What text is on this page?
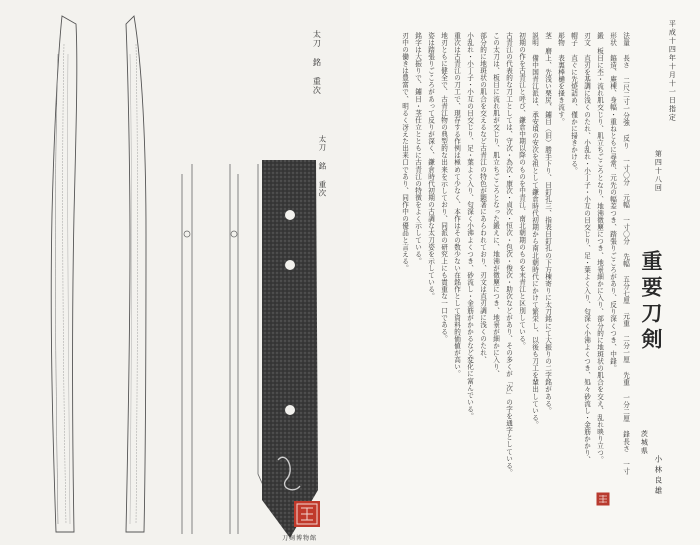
太刀 銘 重次
太刀 銘 重次
刀剣博物館
平成十四年十月十一日指定
第四十八回
重要刀剣
茨城県
小林良雄
法量 長さ 二尺二寸一分強 反り 一寸〇分 元幅 一寸〇分 先幅 五分七厘 元重 二分一厘 先重 一分二厘 鋒長さ 一寸
形状 鎬造、庵棟、身幅・重ねともに尋常、元先の幅差つき、踏張りごころがあり、反り深くつき、中鋒。
鍛 板目に杢・流れ肌交じり、肌立ちごころとなり、地沸微塵につき、地景細かに入り、部分的に地斑状の肌合を交え、乱れ映り立つ。
刃文 直刃を基調に浅くのたれ、小乱れ・小丁子・小互の目交じり、足・葉よく入り、匂深く小沸よくつき、処々砂流し・金筋かかり、
帽子 直ぐに先焼詰め、僅かに掃きかける。
彫物 表裏棒樋を掻き流す。
茎 磨上、先浅い栗尻、鑢目（旧）勝手下り、目釘孔三、指表目釘孔の下方棟寄りに太刀銘にて大振りの二字銘がある。
説明 備中国青江派は、承安頃の安次を祖として鎌倉時代初期から南北朝時代にかけて繁栄し、以後も刀工を輩出している。
初期の作を古青江と呼び、鎌倉中期以降のものを中青江、南北朝期のものを末青江と区別している。
古青江の代表的な刀工としては、守次・為次・康次・貞次・恒次・包次・俊次・助次などがあり、その多くが「次」の字を通字としている。
この太刀は、板目に流れ肌が交じり、肌立ちごころとなった鍛えに、地沸が微塵につき、地景が細かに入り、
部分的に地斑状の肌合を交えるなど古青江の特色が顕著にあらわれており、刃文は直刃調に浅くのたれ、
小乱れ・小丁子・小互の目交じり、足・葉よく入り、匂深く小沸よくつき、砂流し・金筋がかかるなど変化に富んでいる。
重次は古青江の刀工で、現存する作例は極めて少なく、本作はその数少ない在銘作として資料的価値が高い。
地刃ともに健全で、古青江物の典型的な出来を示しており、同派の研究上にも貴重な一口である。
姿は踏張りごころがあって反りが深く、鎌倉時代初期の古調な太刀姿を示している。
銘字は大振りで、鑢目・茎仕立とともに古青江の特徴をよく示している。
刃中の働きは豊富で、明るく冴えた出来口であり、同作中の優品と言える。
